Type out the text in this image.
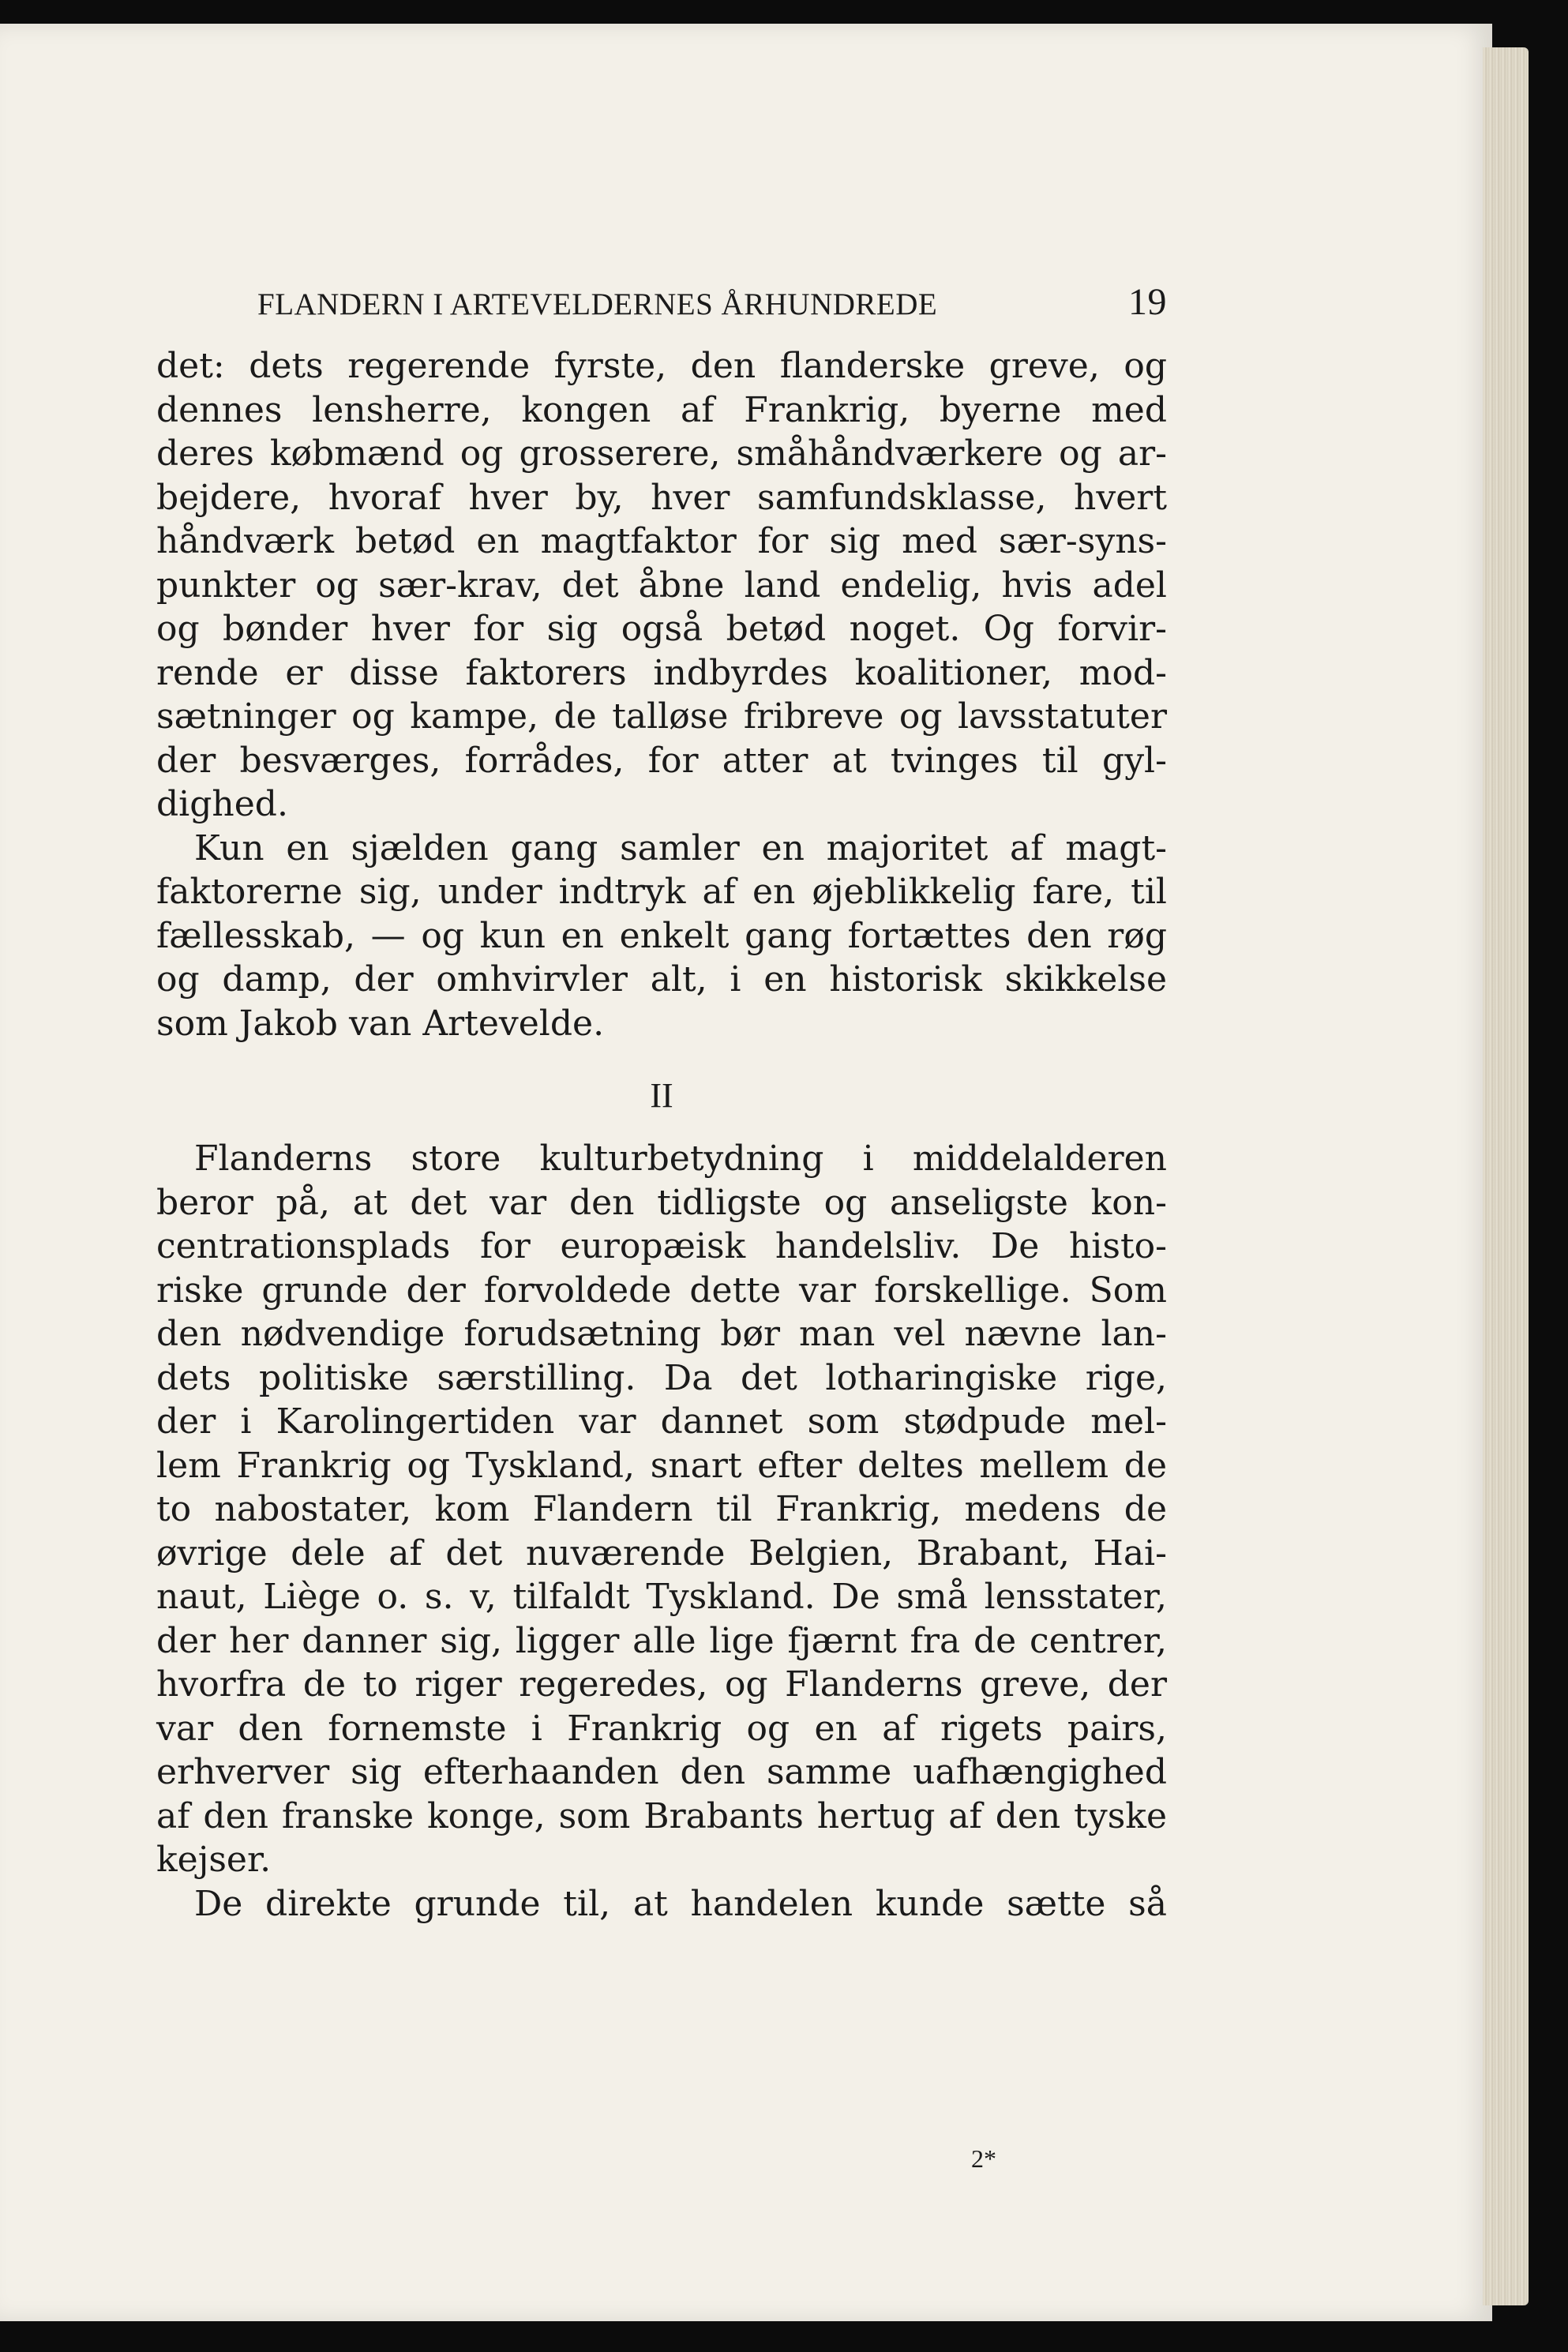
FLANDERN I ARTEVELDERNES ÅRHUNDREDE	19
det: dets regerende fyrste, den flanderske greve, og
dennes lensherre, kongen af Frankrig, byerne med
deres købmænd og grosserere, småhåndværkere og ar-
bejdere, hvoraf hver by, hver samfundsklasse, hvert
håndværk betød en magtfaktor for sig med sær-syns-
punkter og sær-krav, det åbne land endelig, hvis adel
og bønder hver for sig også betød noget. Og forvir-
rende er disse faktorers indbyrdes koalitioner, mod-
sætninger og kampe, de talløse fribreve og lavsstatuter
der besværges, forrådes, for atter at tvinges til gyl-
dighed.
Kun en sjælden gang samler en majoritet af magt-
faktorerne sig, under indtryk af en øjeblikkelig fare, til
fællesskab, — og kun en enkelt gang fortættes den røg
og damp, der omhvirvler alt, i en historisk skikkelse
som Jakob van Artevelde.
II
Flanderns store kulturbetydning i middelalderen
beror på, at det var den tidligste og anseligste kon-
centrationsplads for europæisk handelsliv. De histo-
riske grunde der forvoldede dette var forskellige. Som
den nødvendige forudsætning bør man vel nævne lan-
dets politiske særstilling. Da det lotharingiske rige,
der i Karolingertiden var dannet som stødpude mel-
lem Frankrig og Tyskland, snart efter deltes mellem de
to nabostater, kom Flandern til Frankrig, medens de
øvrige dele af det nuværende Belgien, Brabant, Hai-
naut, Liège o. s. v, tilfaldt Tyskland. De små lensstater,
der her danner sig, ligger alle lige fjærnt fra de centrer,
hvorfra de to riger regeredes, og Flanderns greve, der
var den fornemste i Frankrig og en af rigets pairs,
erhverver sig efterhaanden den samme uafhængighed
af den franske konge, som Brabants hertug af den tyske
kejser.
De direkte grunde til, at handelen kunde sætte så
2*
